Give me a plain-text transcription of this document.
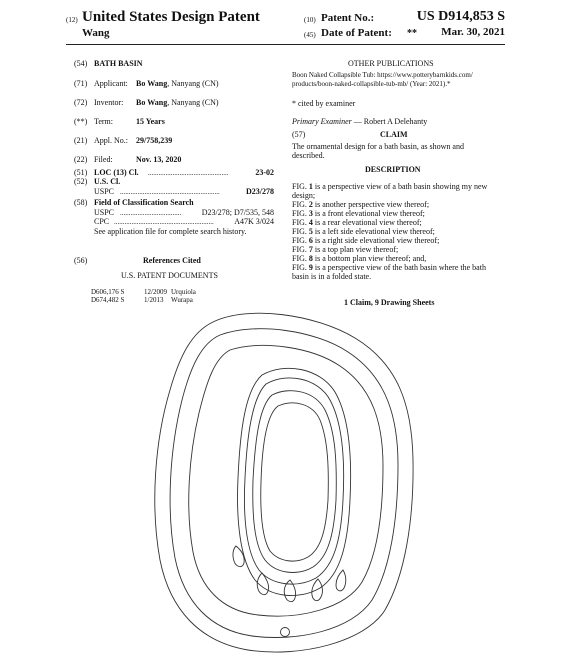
(12) United States Design Patent
Wang
(10) Patent No.:	US D914,853 S
(45) Date of Patent: ** Mar. 30, 2021
(54) BATH BASIN
(71) Applicant: Bo Wang, Nanyang (CN)
(72) Inventor: Bo Wang, Nanyang (CN)
(**) Term:	15 Years
(21) Appl. No.: 29/758,239
(22) Filed:	Nov. 13, 2020
(51) LOC (13) Cl. ..............................................	23-02
(52) U.S. Cl.
USPC .........................................................	D23/278
(58) Field of Classification Search
USPC ...................................	D23/278; D7/535, 548
CPC .........................................................	A47K 3/024
See application file for complete search history.
(56)	References Cited
U.S. PATENT DOCUMENTS
D606,176 S	12/2009 Urquiola
D674,482 S	1/2013 Wurapa
OTHER PUBLICATIONS
Boon Naked Collapsible Tub: https://www.potterybarnkids.com/
products/boon-naked-collapsible-tub-mb/ (Year: 2021).*
* cited by examiner
Primary Examiner — Robert A Delehanty
(57)	CLAIM
The ornamental design for a bath basin, as shown and
described.
DESCRIPTION
FIG. 1 is a perspective view of a bath basin showing my new
design;
FIG. 2 is another perspective view thereof;
FIG. 3 is a front elevational view thereof;
FIG. 4 is a rear elevational view thereof;
FIG. 5 is a left side elevational view thereof;
FIG. 6 is a right side elevational view thereof;
FIG. 7 is a top plan view thereof;
FIG. 8 is a bottom plan view thereof; and,
FIG. 9 is a perspective view of the bath basin where the bath
basin is in a folded state.
1 Claim, 9 Drawing Sheets
